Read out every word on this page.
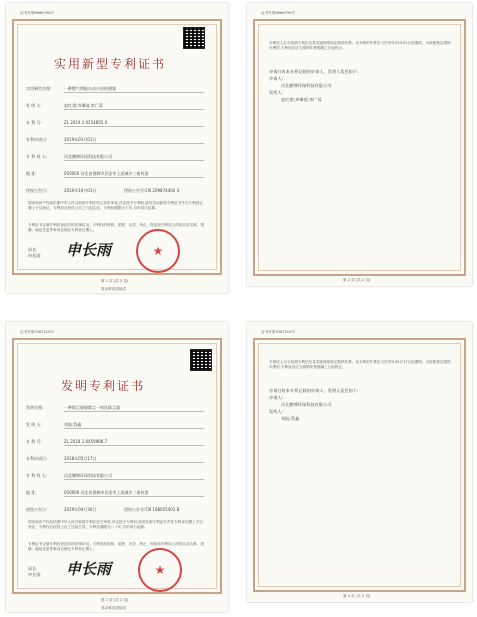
证书号第8866790号
实用新型专利证书
实用新型名称:	一种燃气增能自动火焰检测器
发 明 人:	赵红建;齐肇基;李广蓉
专 利 号:	ZL 2019 2 0254855.X
专利申请日:	2019年03月01日
专 利 权 人:	河北鹏博环保科技有限公司
地 址:	050000 河北省邯郸市武安市上团城乡三街村委
授权公告日:	2019年10月01日	授权公告号:CN 209874404 U
国家知识产权局依照中华人民共和国专利法经过初步审查,决定授予专利权,颁发实用新型专利证书并在专利登记簿上予以登记。专利权自授权公告之日起生效。专利权期限为十年,自申请日起算。
专利证书记载专利权登记时的法律状况。专利权的转移、质押、无效、终止、恢复和专利权人的姓名或名称、国籍、地址变更等事项记载在专利登记簿上。
局长
申长雨 申长雨	★
第 1 页 (共 2 页)
其余事项见续页
证书号第8866790号
专利权人应当依照专利法及其实施细则规定缴纳年费。本专利的年费应当在每年03月01日前缴纳。未按照规定缴纳年费的,专利权自应当缴纳年费期满之日起终止。
申请日时本专利记载的申请人、发明人信息如下:
申请人:
河北鹏博环保科技有限公司
发明人:
赵红建;齐肇基;李广蓉
第 2 页 (共 2 页)
证书号第3367210号
发明专利证书
发明名称:	一种烟尘脱硝除尘一体化除尘器
发 明 人:	刘航;蔡鑫
专 利 号:	ZL 2018 1 0459988.7
专利申请日:	2018年05月17日
专 利 权 人:	河北鹏博环保科技有限公司
地 址:	050000 河北省邯郸市武安市上团城乡三街村委
授权公告日:	2019年04月30日	授权公告号:CN 108055401 B
国家知识产权局依照中华人民共和国专利法经过审查,决定授予专利权,颁发发明专利证书并在专利登记簿上予以登记。专利权自授权公告之日起生效。专利权期限为二十年,自申请日起算。
专利证书记载专利权登记时的法律状况。专利权的转移、质押、无效、终止、恢复和专利权人的姓名或名称、国籍、地址变更等事项记载在专利登记簿上。
局长
申长雨 申长雨	★
第 1 页 (共 2 页)
其余事项见续页
证书号第3367210号
专利权人应当依照专利法及其实施细则规定缴纳年费。本专利的年费应当在每年05月17日前缴纳。未按照规定缴纳年费的,专利权自应当缴纳年费期满之日起终止。
申请日时本专利记载的申请人、发明人信息如下:
申请人:
河北鹏博环保科技有限公司
发明人:
刘航;蔡鑫
第 2 页 (共 2 页)
